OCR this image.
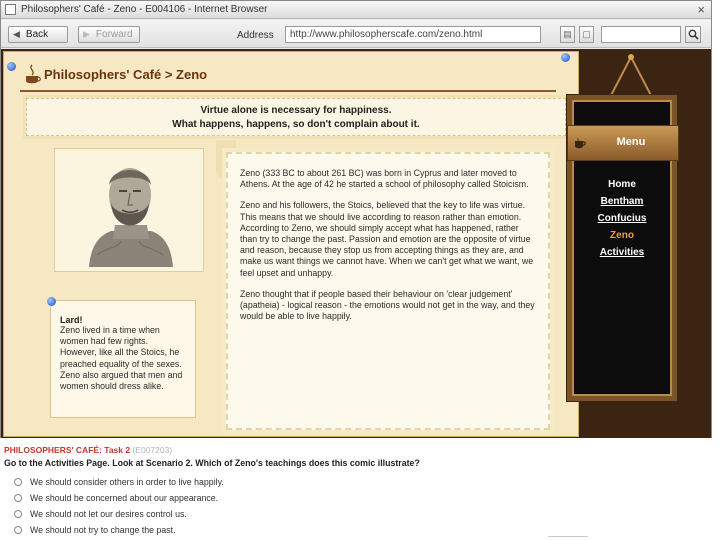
Philosophers' Café - Zeno - E004106 - Internet Browser	×
◀ Back	▶ Forward	Address	http://www.philosopherscafe.com/zeno.html	▤	▢
Philosophers' Café > Zeno
Virtue alone is necessary for happiness.
What happens, happens, so don't complain about it.

Zeno (333 BC to about 261 BC) was born in Cyprus and later moved to Athens. At the age of 42 he started a school of philosophy called Stoicism.

Zeno and his followers, the Stoics, believed that the key to life was virtue. This means that we should live according to reason rather than emotion. According to Zeno, we should simply accept what has happened, rather than try to change the past. Passion and emotion are the opposite of virtue and reason, because they stop us from accepting things as they are, and make us want things we cannot have. When we can't get what we want, we feel upset and unhappy.

Zeno thought that if people based their behaviour on 'clear judgement' (apatheia) - logical reason - the emotions would not get in the way, and they would be able to live happily.

Lard!
Zeno lived in a time when women had few rights. However, like all the Stoics, he preached equality of the sexes. Zeno also argued that men and women should dress alike.
Menu
Home
Bentham
Confucius
Zeno
Activities
PHILOSOPHERS' CAFÉ: Task 2 (E007203)
Go to the Activities Page. Look at Scenario 2. Which of Zeno's teachings does this comic illustrate?
We should consider others in order to live happily.
We should be concerned about our appearance.
We should not let our desires control us.
We should not try to change the past.
